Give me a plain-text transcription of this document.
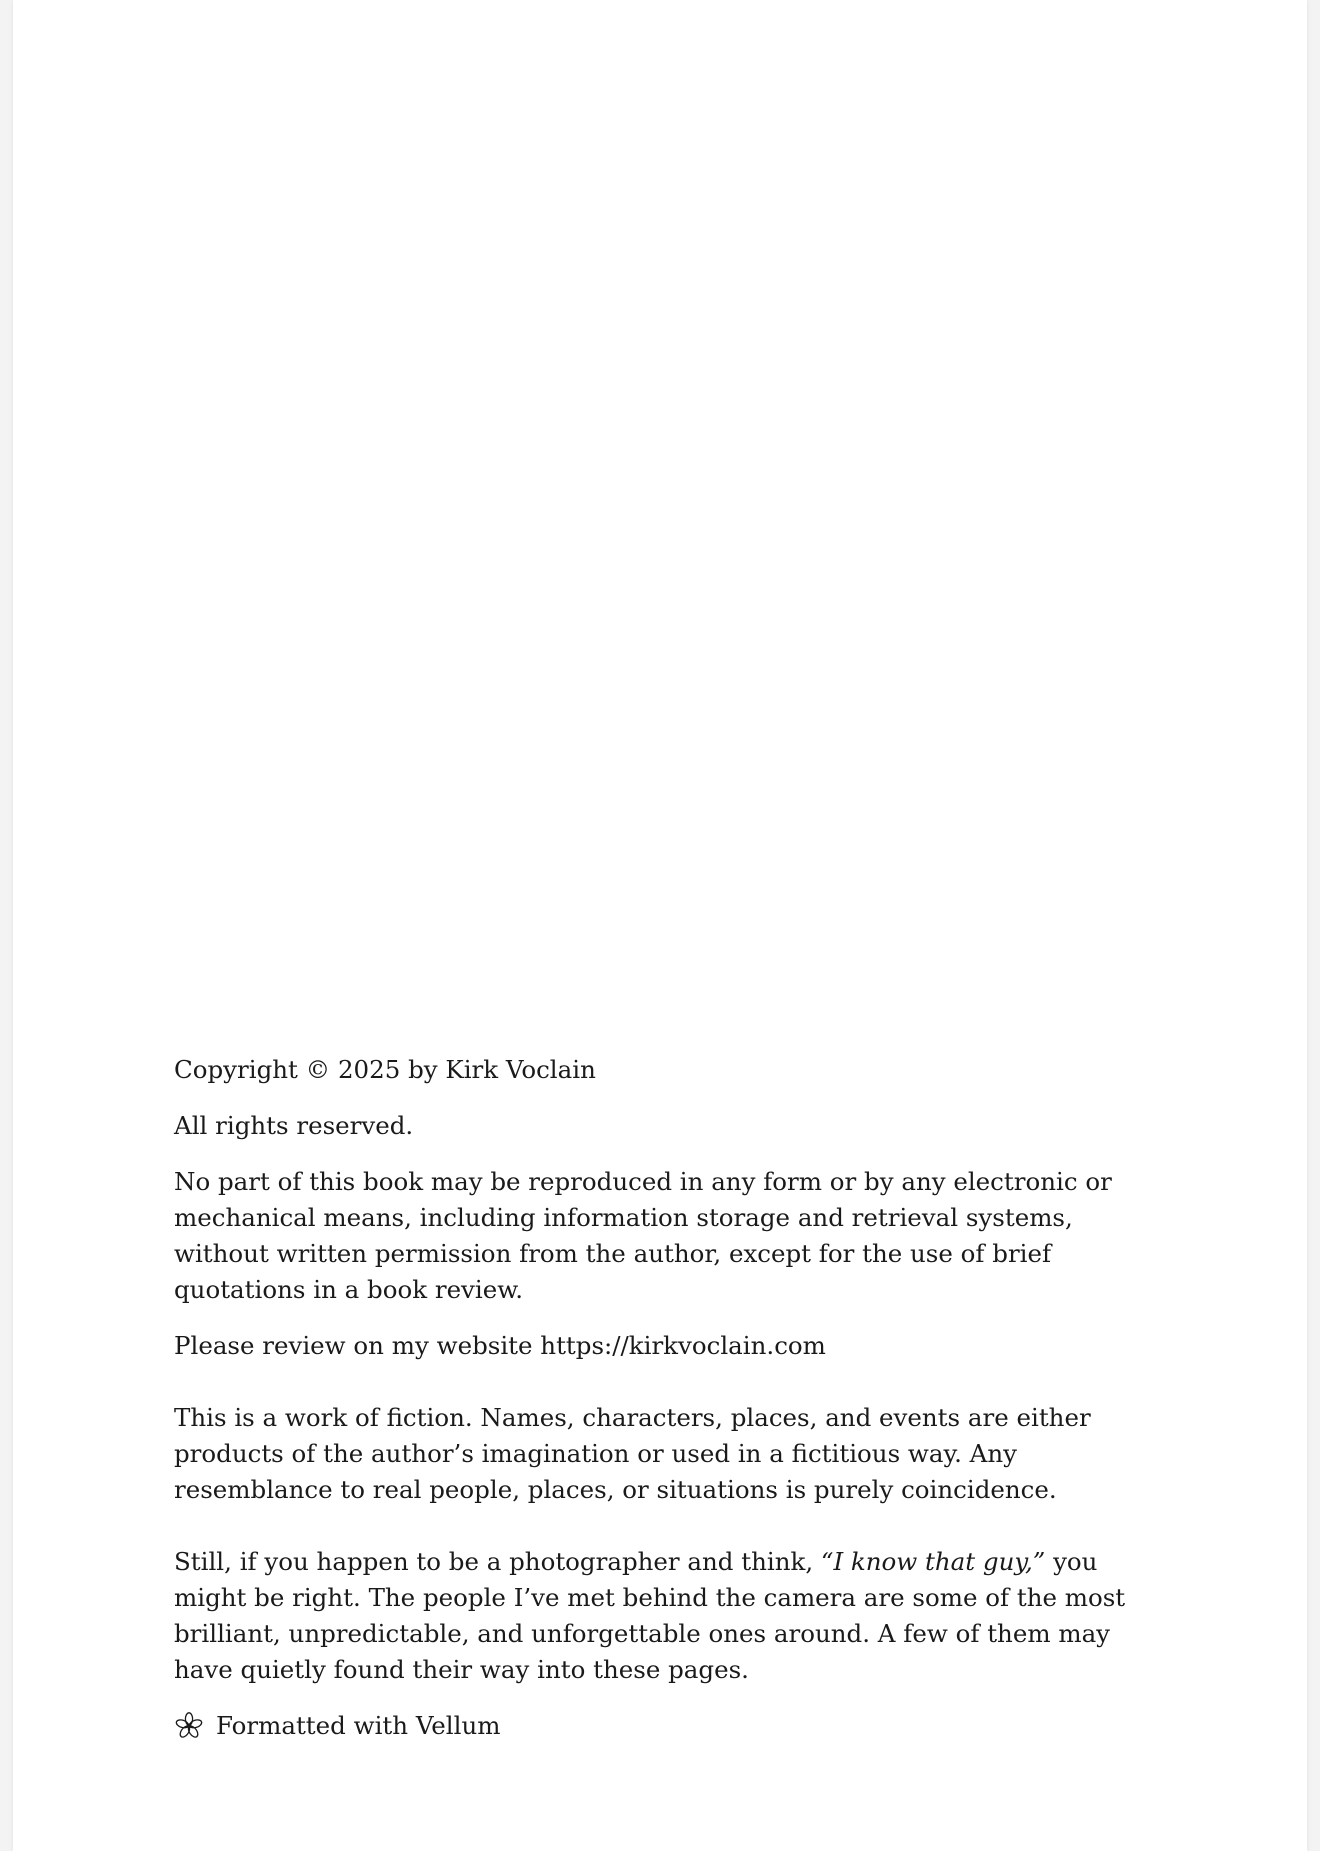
Copyright © 2025 by Kirk Voclain

All rights reserved.

No part of this book may be reproduced in any form or by any electronic or mechanical means, including information storage and retrieval systems, without written permission from the author, except for the use of brief quotations in a book review.

Please review on my website https://kirkvoclain.com

This is a work of fiction. Names, characters, places, and events are either products of the author’s imagination or used in a fictitious way. Any resemblance to real people, places, or situations is purely coincidence.

Still, if you happen to be a photographer and think, “I know that guy,” you might be right. The people I’ve met behind the camera are some of the most brilliant, unpredictable, and unforgettable ones around. A few of them may have quietly found their way into these pages.

Formatted with Vellum
